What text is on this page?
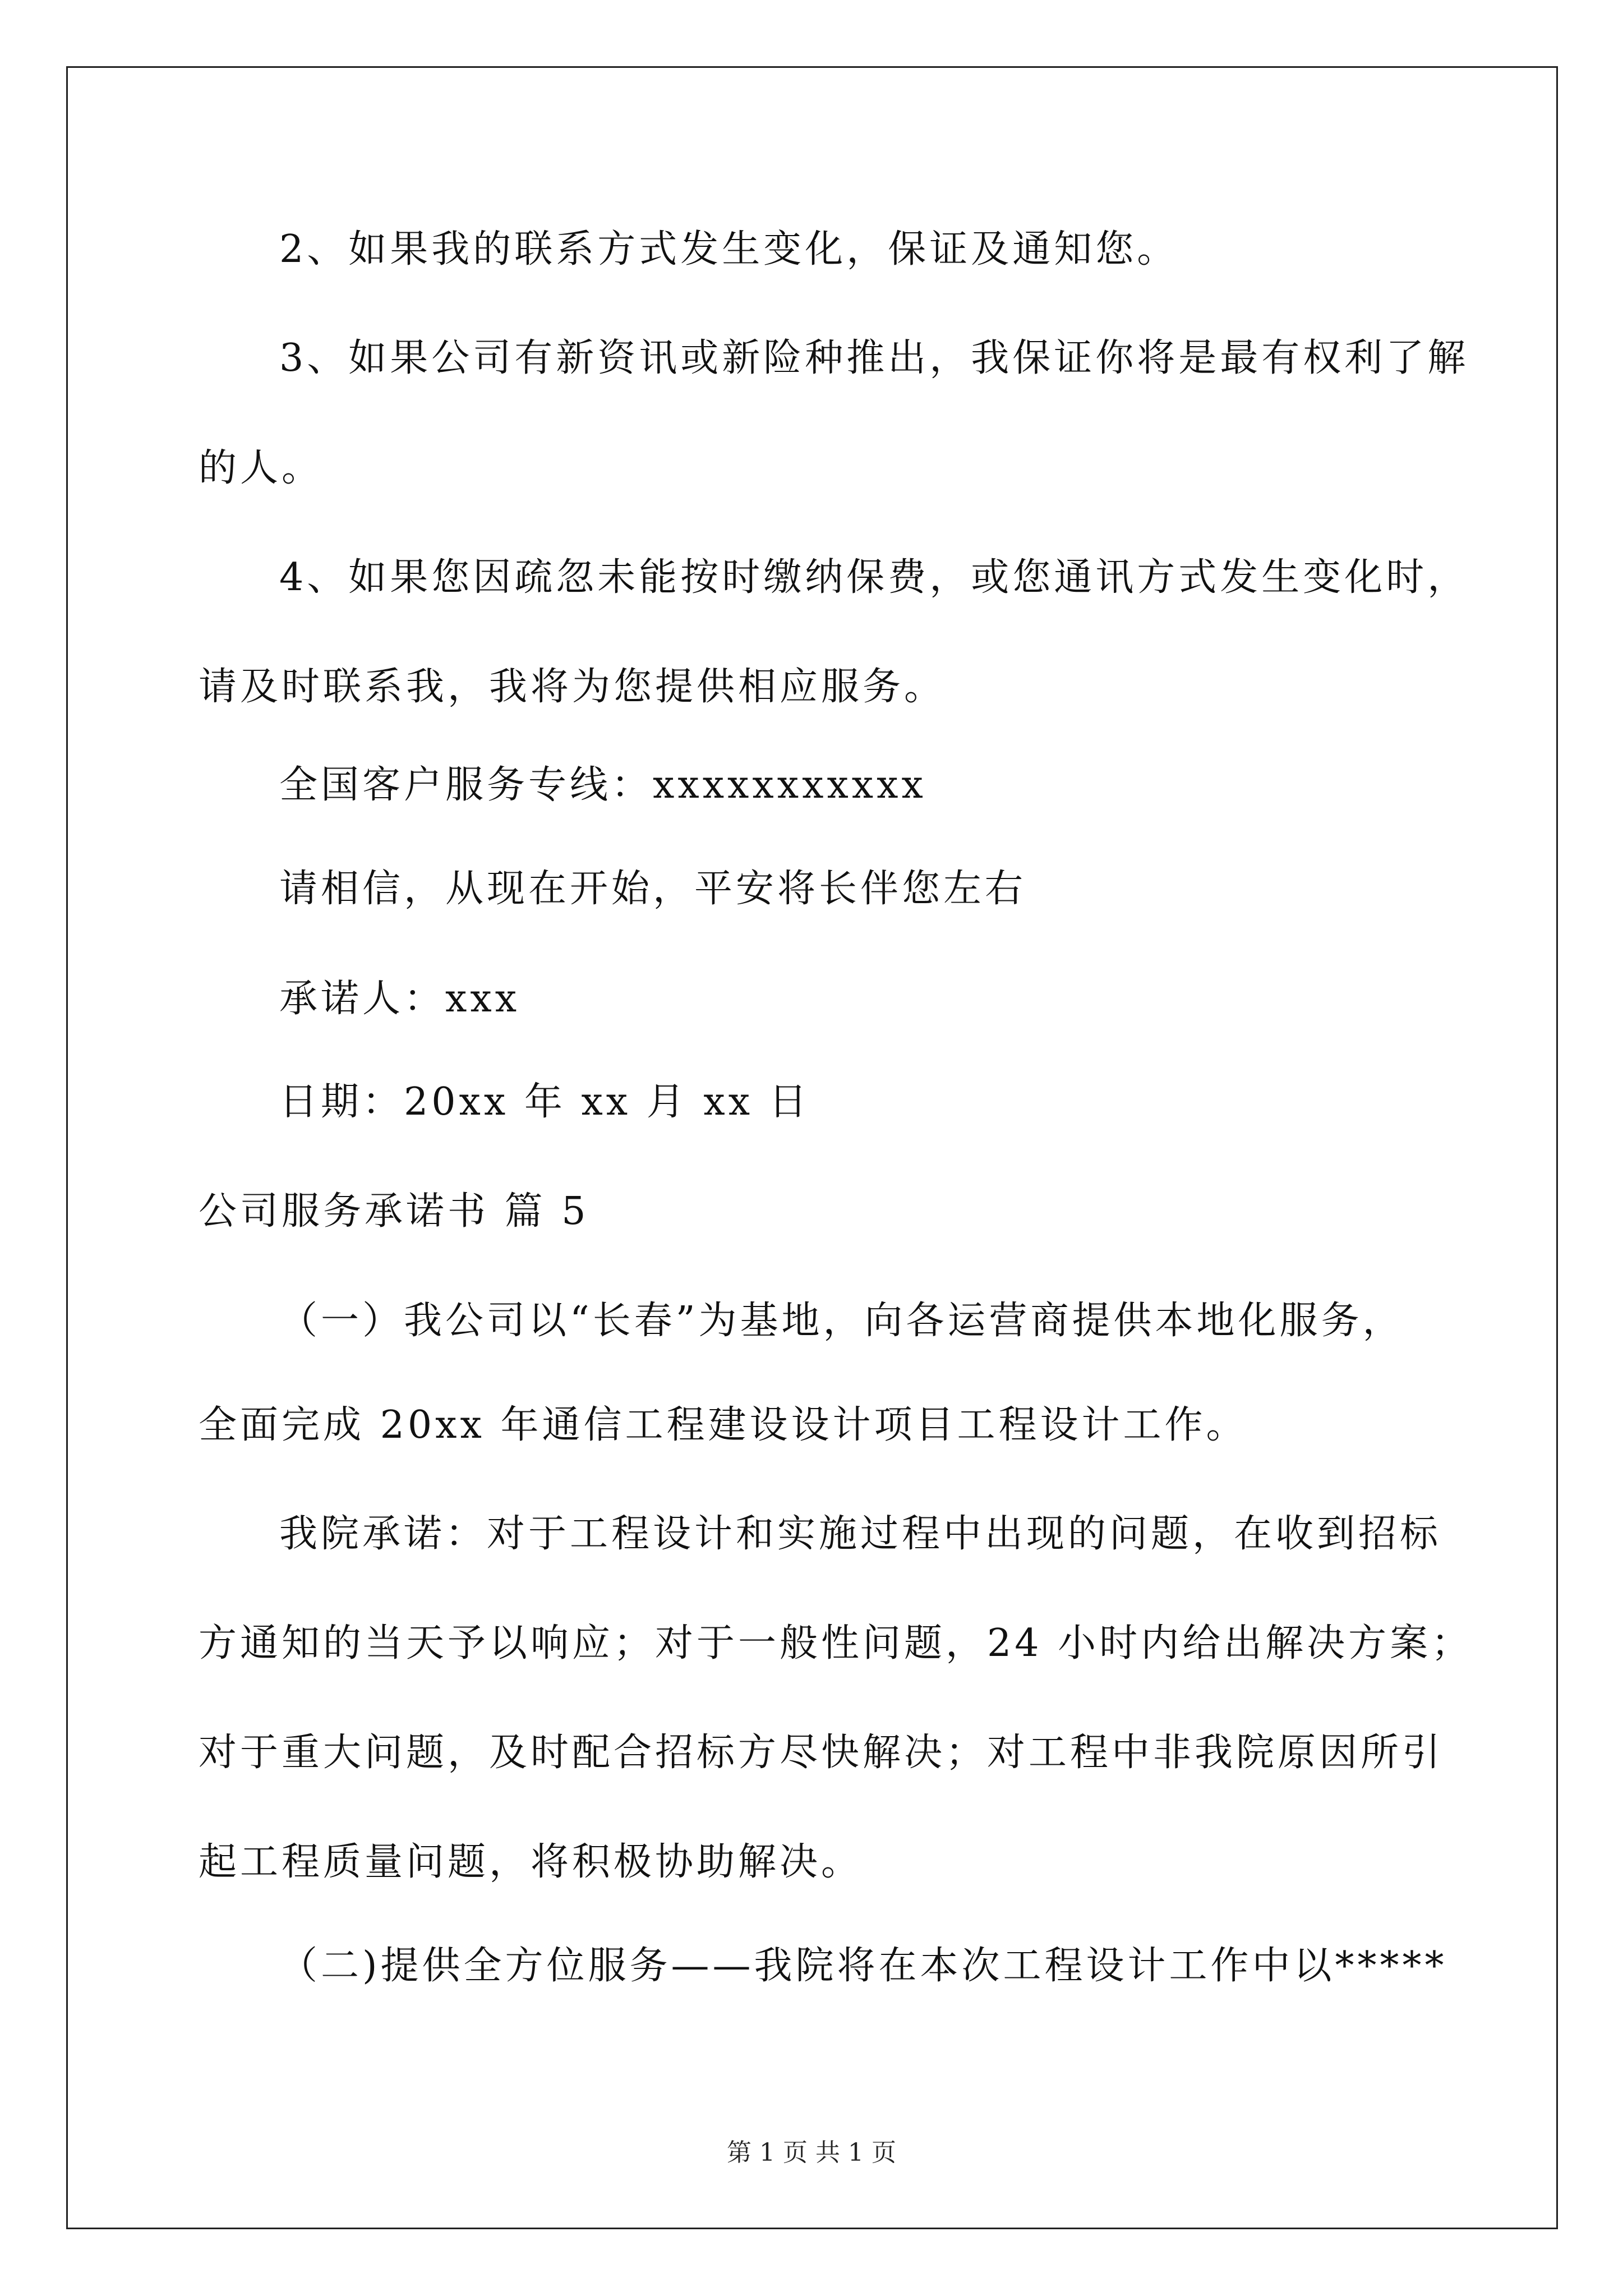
2、如果我的联系方式发生变化，保证及通知您。
3、如果公司有新资讯或新险种推出，我保证你将是最有权利了解
的人。
4、如果您因疏忽未能按时缴纳保费，或您通讯方式发生变化时，
请及时联系我，我将为您提供相应服务。
全国客户服务专线：xxxxxxxxxxx
请相信，从现在开始，平安将长伴您左右
承诺人：xxx
日期：20xx 年 xx 月 xx 日
公司服务承诺书 篇 5
（一）我公司以“长春”为基地，向各运营商提供本地化服务，
全面完成 20xx 年通信工程建设设计项目工程设计工作。
我院承诺：对于工程设计和实施过程中出现的问题，在收到招标
方通知的当天予以响应；对于一般性问题，24 小时内给出解决方案；
对于重大问题，及时配合招标方尽快解决；对工程中非我院原因所引
起工程质量问题，将积极协助解决。
（二)提供全方位服务——我院将在本次工程设计工作中以*****
第 1 页 共 1 页
